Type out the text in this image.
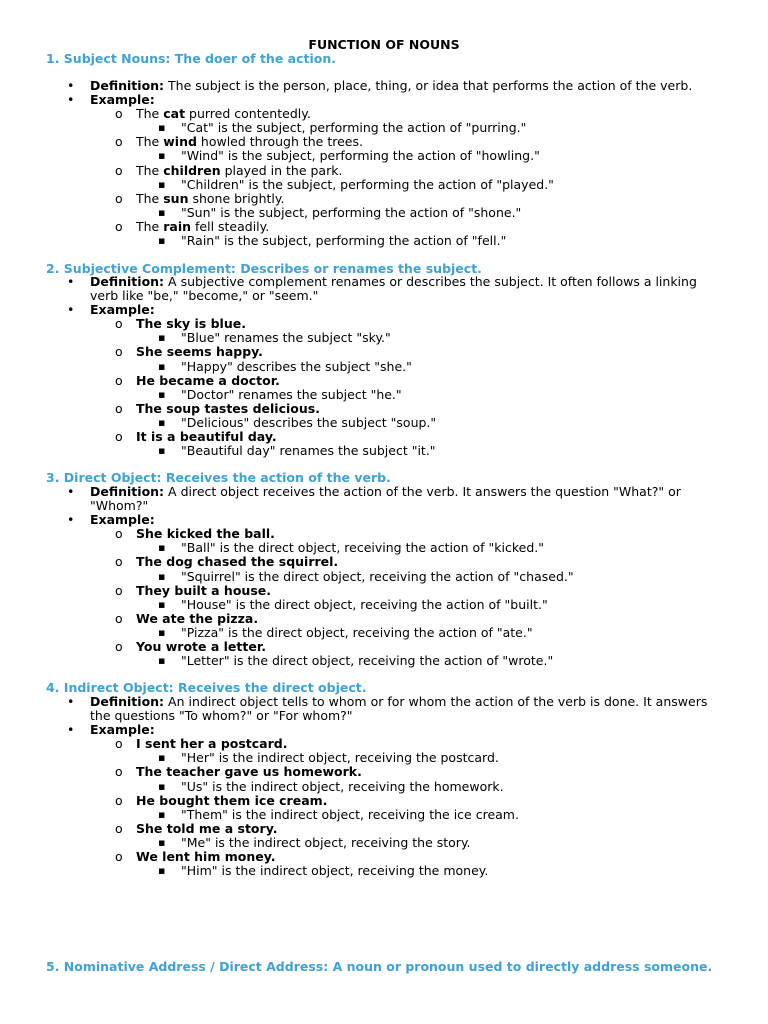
FUNCTION OF NOUNS
1. Subject Nouns: The doer of the action.
• Definition: The subject is the person, place, thing, or idea that performs the action of the verb.
• Example:
o The cat purred contentedly.
▪ "Cat" is the subject, performing the action of "purring."
o The wind howled through the trees.
▪ "Wind" is the subject, performing the action of "howling."
o The children played in the park.
▪ "Children" is the subject, performing the action of "played."
o The sun shone brightly.
▪ "Sun" is the subject, performing the action of "shone."
o The rain fell steadily.
▪ "Rain" is the subject, performing the action of "fell."
2. Subjective Complement: Describes or renames the subject.
• Definition: A subjective complement renames or describes the subject. It often follows a linking verb like "be," "become," or "seem."
• Example:
o The sky is blue.
▪ "Blue" renames the subject "sky."
o She seems happy.
▪ "Happy" describes the subject "she."
o He became a doctor.
▪ "Doctor" renames the subject "he."
o The soup tastes delicious.
▪ "Delicious" describes the subject "soup."
o It is a beautiful day.
▪ "Beautiful day" renames the subject "it."
3. Direct Object: Receives the action of the verb.
• Definition: A direct object receives the action of the verb. It answers the question "What?" or "Whom?"
• Example:
o She kicked the ball.
▪ "Ball" is the direct object, receiving the action of "kicked."
o The dog chased the squirrel.
▪ "Squirrel" is the direct object, receiving the action of "chased."
o They built a house.
▪ "House" is the direct object, receiving the action of "built."
o We ate the pizza.
▪ "Pizza" is the direct object, receiving the action of "ate."
o You wrote a letter.
▪ "Letter" is the direct object, receiving the action of "wrote."
4. Indirect Object: Receives the direct object.
• Definition: An indirect object tells to whom or for whom the action of the verb is done. It answers the questions "To whom?" or "For whom?"
• Example:
o I sent her a postcard.
▪ "Her" is the indirect object, receiving the postcard.
o The teacher gave us homework.
▪ "Us" is the indirect object, receiving the homework.
o He bought them ice cream.
▪ "Them" is the indirect object, receiving the ice cream.
o She told me a story.
▪ "Me" is the indirect object, receiving the story.
o We lent him money.
▪ "Him" is the indirect object, receiving the money.
5. Nominative Address / Direct Address: A noun or pronoun used to directly address someone.
